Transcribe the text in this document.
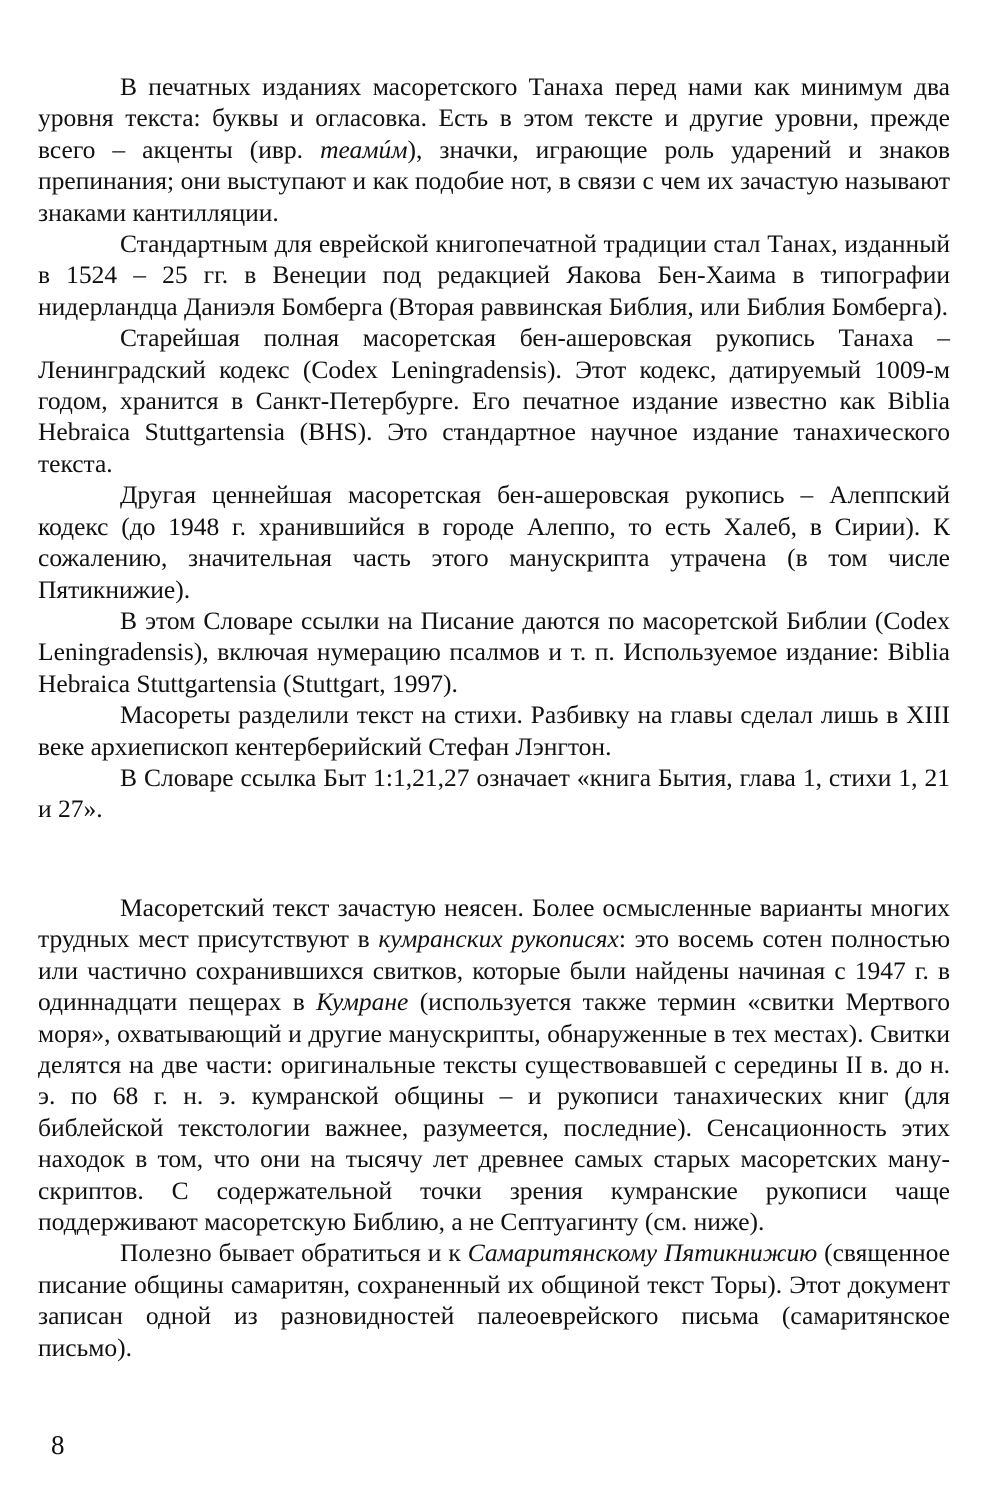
В печатных изданиях масоретского Танаха перед нами как минимум два уровня текста: буквы и огласовка. Есть в этом тексте и другие уровни, прежде всего – акценты (ивр. теамúм), значки, играющие роль ударений и знаков препинания; они выступают и как подобие нот, в связи с чем их зачастую называют знаками кантилляции.

Стандартным для еврейской книгопечатной традиции стал Танах, изданный в 1524 – 25 гг. в Венеции под редакцией Яакова Бен-Хаима в типографии нидерландца Даниэля Бомберга (Вторая раввинская Библия, или Библия Бомберга).

Старейшая полная масоретская бен-ашеровская рукопись Танаха – Ленинградский кодекс (Codex Leningradensis). Этот кодекс, датируемый 1009-м годом, хранится в Санкт-Петербурге. Его печатное издание известно как Biblia Hebraica Stuttgartensia (BHS). Это стандартное научное издание танахического текста.

Другая ценнейшая масоретская бен-ашеровская рукопись – Алеппский кодекс (до 1948 г. хранившийся в городе Алеппо, то есть Халеб, в Сирии). К сожалению, значительная часть этого манускрипта утрачена (в том числе Пятикнижие).

В этом Словаре ссылки на Писание даются по масоретской Библии (Codex Leningradensis), включая нумерацию псалмов и т. п. Используемое издание: Biblia Hebraica Stuttgartensia (Stuttgart, 1997).

Масореты разделили текст на стихи. Разбивку на главы сделал лишь в XIII веке архиепископ кентерберийский Стефан Лэнгтон.

В Словаре ссылка Быт 1:1,21,27 означает «книга Бытия, глава 1, стихи 1, 21 и 27».

Масоретский текст зачастую неясен. Более осмысленные варианты многих трудных мест присутствуют в кумранских рукописях: это восемь сотен полностью или частично сохранившихся свитков, которые были найдены начиная с 1947 г. в одиннадцати пещерах в Кумране (используется также термин «свитки Мертвого моря», охватывающий и другие манускрипты, обнаруженные в тех местах). Свитки делятся на две части: оригинальные тексты существовавшей с середины II в. до н. э. по 68 г. н. э. кумранской общины – и рукописи танахических книг (для библейской текстологии важнее, разумеется, последние). Сенсационность этих находок в том, что они на тысячу лет древнее самых старых масоретских манускриптов. С содержательной точки зрения кумранские рукописи чаще поддерживают масоретскую Библию, а не Септуагинту (см. ниже).

Полезно бывает обратиться и к Самаритянскому Пятикнижию (священное писание общины самаритян, сохраненный их общиной текст Торы). Этот документ записан одной из разновидностей палеоеврейского письма (самаритянское письмо).

8
